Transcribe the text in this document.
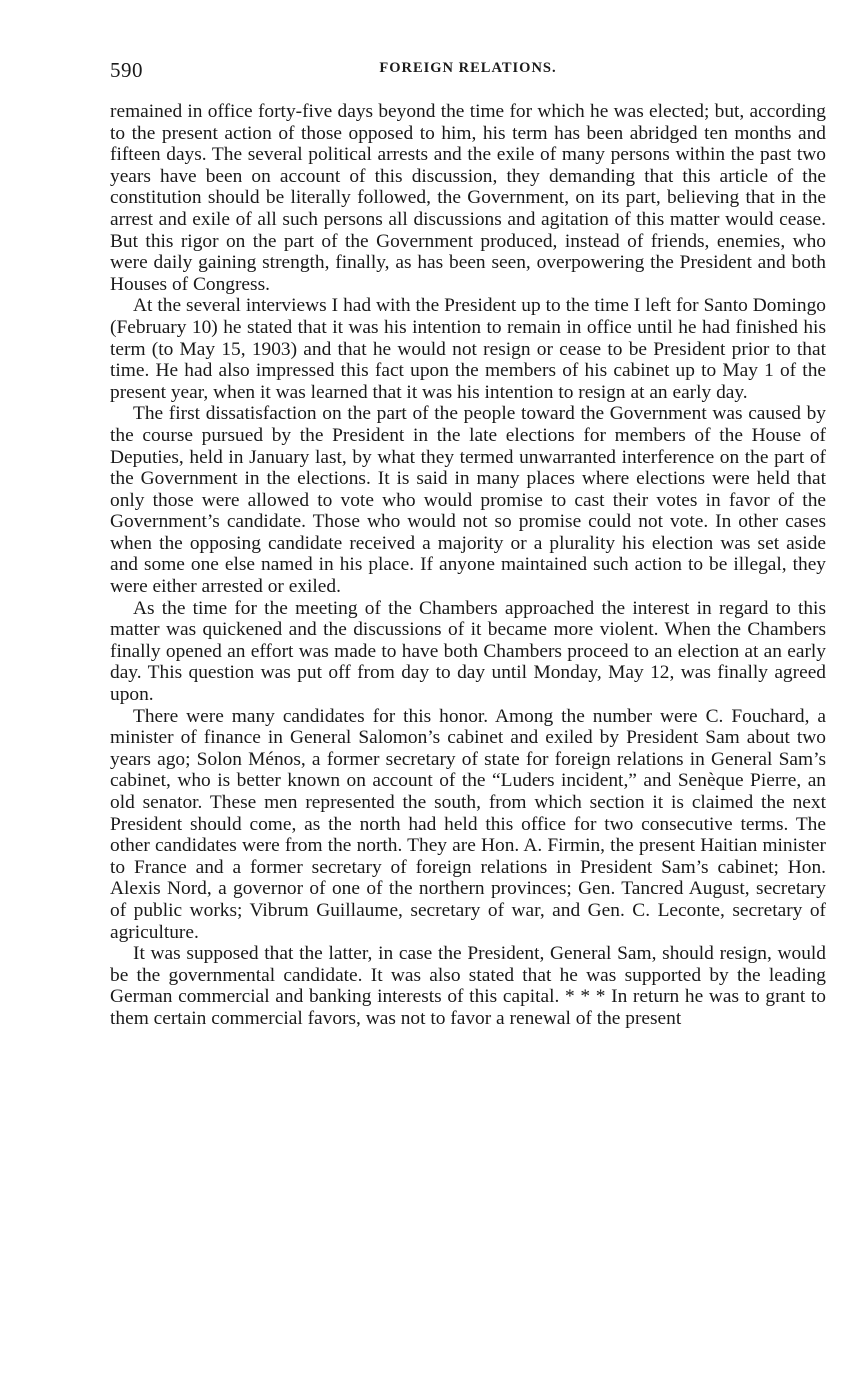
590	FOREIGN RELATIONS.

remained in office forty-five days beyond the time for which he was elected; but, according to the present action of those opposed to him, his term has been abridged ten months and fifteen days. The several political arrests and the exile of many persons within the past two years have been on account of this discussion, they demanding that this article of the constitution should be literally followed, the Government, on its part, believing that in the arrest and exile of all such persons all discussions and agitation of this matter would cease. But this rigor on the part of the Government produced, instead of friends, enemies, who were daily gaining strength, finally, as has been seen, overpowering the President and both Houses of Congress.

At the several interviews I had with the President up to the time I left for Santo Domingo (February 10) he stated that it was his intention to remain in office until he had finished his term (to May 15, 1903) and that he would not resign or cease to be President prior to that time. He had also impressed this fact upon the members of his cabinet up to May 1 of the present year, when it was learned that it was his intention to resign at an early day.

The first dissatisfaction on the part of the people toward the Government was caused by the course pursued by the President in the late elections for members of the House of Deputies, held in January last, by what they termed unwarranted interference on the part of the Government in the elections. It is said in many places where elections were held that only those were allowed to vote who would promise to cast their votes in favor of the Government’s candidate. Those who would not so promise could not vote. In other cases when the opposing candidate received a majority or a plurality his election was set aside and some one else named in his place. If anyone maintained such action to be illegal, they were either arrested or exiled.

As the time for the meeting of the Chambers approached the interest in regard to this matter was quickened and the discussions of it became more violent. When the Chambers finally opened an effort was made to have both Chambers proceed to an election at an early day. This question was put off from day to day until Monday, May 12, was finally agreed upon.

There were many candidates for this honor. Among the number were C. Fouchard, a minister of finance in General Salomon’s cabinet and exiled by President Sam about two years ago; Solon Ménos, a former secretary of state for foreign relations in General Sam’s cabinet, who is better known on account of the “Luders incident,” and Senèque Pierre, an old senator. These men represented the south, from which section it is claimed the next President should come, as the north had held this office for two consecutive terms. The other candidates were from the north. They are Hon. A. Firmin, the present Haitian minister to France and a former secretary of foreign relations in President Sam’s cabinet; Hon. Alexis Nord, a governor of one of the northern provinces; Gen. Tancred August, secretary of public works; Vibrum Guillaume, secretary of war, and Gen. C. Leconte, secretary of agriculture.

It was supposed that the latter, in case the President, General Sam, should resign, would be the governmental candidate. It was also stated that he was supported by the leading German commercial and banking interests of this capital. * * * In return he was to grant to them certain commercial favors, was not to favor a renewal of the present
